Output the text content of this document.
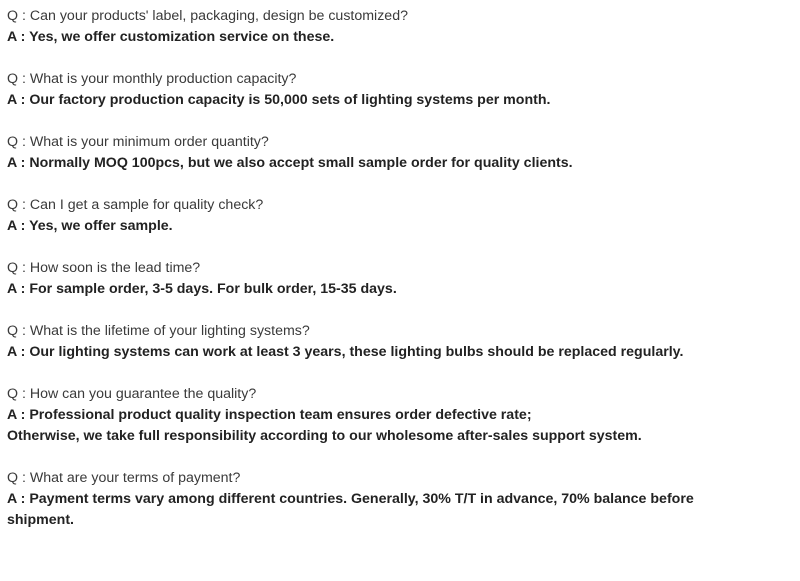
Q : Can your products' label, packaging, design be customized?
A : Yes, we offer customization service on these.
Q : What is your monthly production capacity?
A : Our factory production capacity is 50,000 sets of lighting systems per month.
Q : What is your minimum order quantity?
A : Normally MOQ 100pcs, but we also accept small sample order for quality clients.
Q : Can I get a sample for quality check?
A : Yes, we offer sample.
Q : How soon is the lead time?
A : For sample order, 3-5 days. For bulk order, 15-35 days.
Q : What is the lifetime of your lighting systems?
A : Our lighting systems can work at least 3 years, these lighting bulbs should be replaced regularly.
Q : How can you guarantee the quality?
A : Professional product quality inspection team ensures order defective rate;
Otherwise, we take full responsibility according to our wholesome after-sales support system.
Q : What are your terms of payment?
A : Payment terms vary among different countries. Generally, 30% T/T in advance, 70% balance before
shipment.
